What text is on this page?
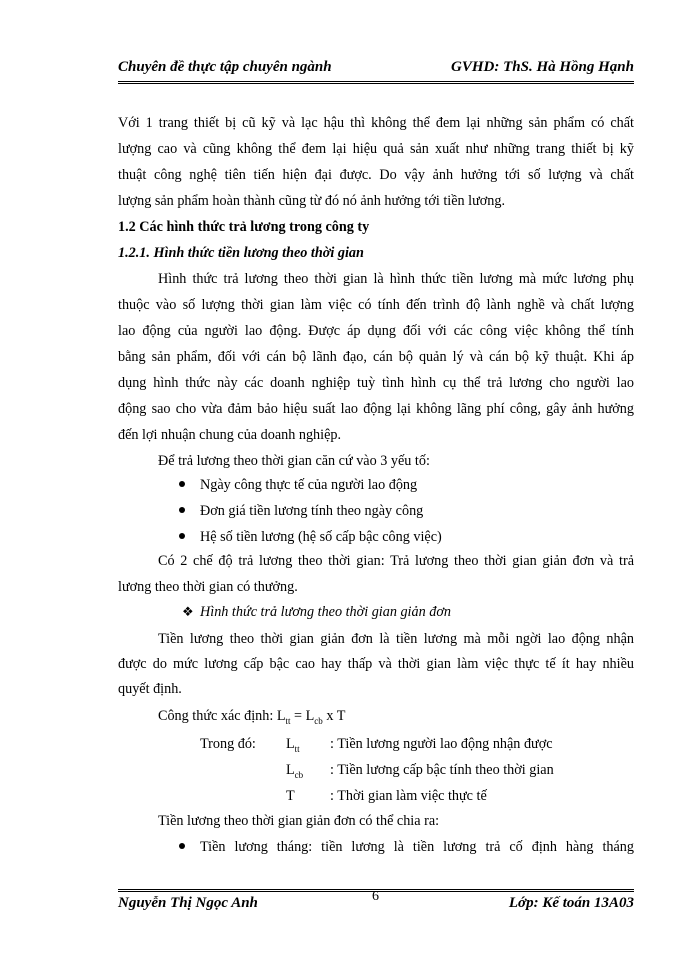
Chuyên đề thực tập chuyên ngành	GVHD: ThS. Hà Hồng Hạnh
Với 1 trang thiết bị cũ kỹ và lạc hậu thì không thể đem lại những sản phẩm có chất
lượng cao và cũng không thể đem lại hiệu quả sản xuất như những trang thiết bị kỹ
thuật công nghệ tiên tiến hiện đại được. Do vậy ảnh hưởng tới số lượng và chất
lượng sản phẩm hoàn thành cũng từ đó nó ảnh hưởng tới tiền lương.
1.2 Các hình thức trả lương trong công ty
1.2.1. Hình thức tiền lương theo thời gian
Hình thức trả lương theo thời gian là hình thức tiền lương mà mức lương phụ
thuộc vào số lượng thời gian làm việc có tính đến trình độ lành nghề và chất lượng
lao động của người lao động. Được áp dụng đối với các công việc không thể tính
bằng sản phẩm, đối với cán bộ lãnh đạo, cán bộ quản lý và cán bộ kỹ thuật. Khi áp
dụng hình thức này các doanh nghiệp tuỳ tình hình cụ thể trả lương cho người lao
động sao cho vừa đảm bảo hiệu suất lao động lại không lãng phí công, gây ảnh hưởng
đến lợi nhuận chung của doanh nghiệp.
Để trả lương theo thời gian căn cứ vào 3 yếu tố:
Ngày công thực tế của người lao động
Đơn giá tiền lương tính theo ngày công
Hệ số tiền lương (hệ số cấp bậc công việc)
Có 2 chế độ trả lương theo thời gian: Trả lương theo thời gian giản đơn và trả
lương theo thời gian có thưởng.
❖ Hình thức trả lương theo thời gian giản đơn
Tiền lương theo thời gian giản đơn là tiền lương mà mỗi ngời lao động nhận
được do mức lương cấp bậc cao hay thấp và thời gian làm việc thực tế ít hay nhiều
quyết định.
Công thức xác định: $L_{tt} = L_{cb}$ x T
Trong đó:	$L_{tt}$	: Tiền lương người lao động nhận được
$L_{cb}$	: Tiền lương cấp bậc tính theo thời gian
T	: Thời gian làm việc thực tế
Tiền lương theo thời gian giản đơn có thể chia ra:
Tiền lương tháng: tiền lương là tiền lương trả cố định hàng tháng
Nguyễn Thị Ngọc Anh	6	Lớp: Kế toán 13A03
